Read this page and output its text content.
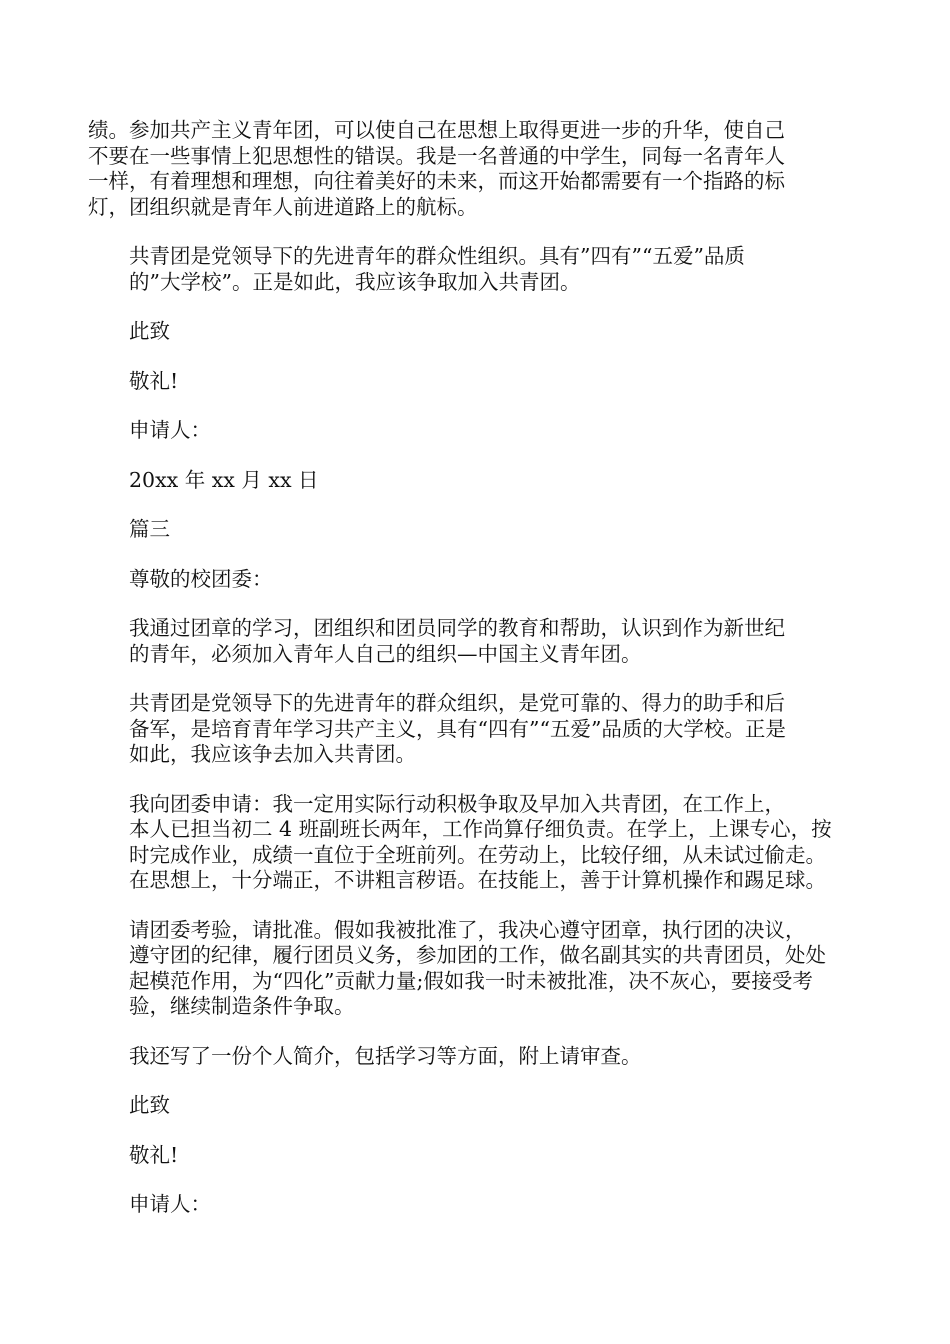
绩。参加共产主义青年团，可以使自己在思想上取得更进一步的升华，使自己
不要在一些事情上犯思想性的错误。我是一名普通的中学生，同每一名青年人
一样，有着理想和理想，向往着美好的未来，而这开始都需要有一个指路的标
灯，团组织就是青年人前进道路上的航标。

共青团是党领导下的先进青年的群众性组织。具有”四有”“五爱”品质
的”大学校”。正是如此，我应该争取加入共青团。

此致

敬礼!

申请人：

20xx 年 xx 月 xx 日

篇三

尊敬的校团委：

我通过团章的学习，团组织和团员同学的教育和帮助，认识到作为新世纪
的青年，必须加入青年人自己的组织—中国主义青年团。

共青团是党领导下的先进青年的群众组织，是党可靠的、得力的助手和后
备军，是培育青年学习共产主义，具有“四有”“五爱”品质的大学校。正是
如此，我应该争去加入共青团。

我向团委申请：我一定用实际行动积极争取及早加入共青团，在工作上，
本人已担当初二 4 班副班长两年，工作尚算仔细负责。在学上，上课专心，按
时完成作业，成绩一直位于全班前列。在劳动上，比较仔细，从未试过偷走。
在思想上，十分端正，不讲粗言秽语。在技能上，善于计算机操作和踢足球。

请团委考验，请批准。假如我被批准了，我决心遵守团章，执行团的决议，
遵守团的纪律，履行团员义务，参加团的工作，做名副其实的共青团员，处处
起模范作用，为“四化”贡献力量;假如我一时未被批准，决不灰心，要接受考
验，继续制造条件争取。

我还写了一份个人简介，包括学习等方面，附上请审查。

此致

敬礼!

申请人：
